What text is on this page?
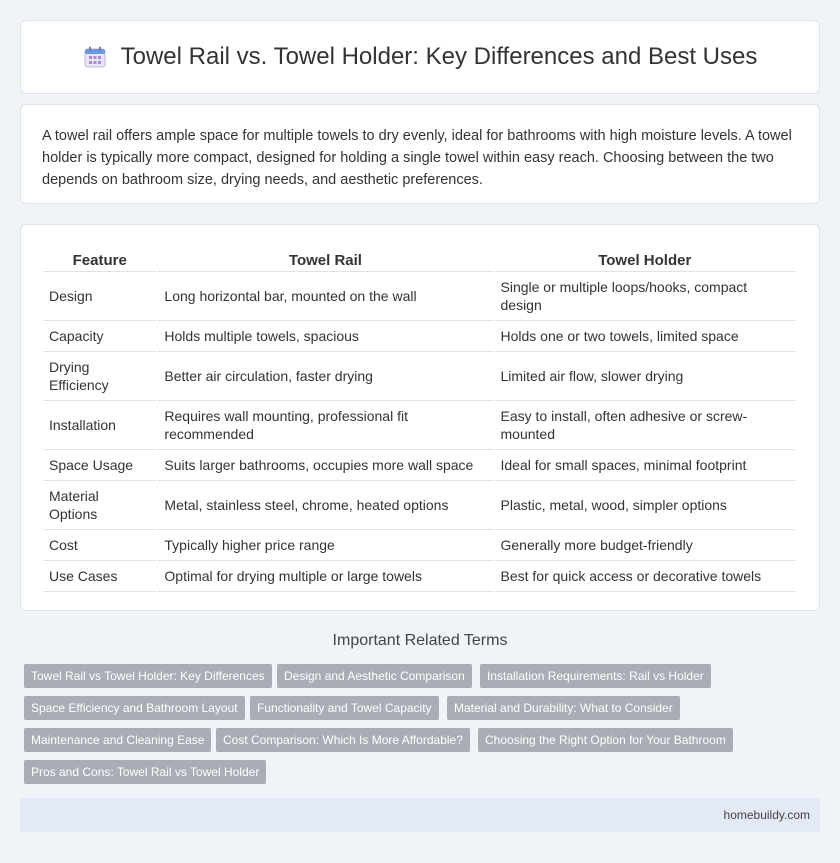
Towel Rail vs. Towel Holder: Key Differences and Best Uses

A towel rail offers ample space for multiple towels to dry evenly, ideal for bathrooms with high moisture levels. A towel holder is typically more compact, designed for holding a single towel within easy reach. Choosing between the two depends on bathroom size, drying needs, and aesthetic preferences.

Feature	Towel Rail	Towel Holder
Design	Long horizontal bar, mounted on the wall	Single or multiple loops/hooks, compact design
Capacity	Holds multiple towels, spacious	Holds one or two towels, limited space
Drying Efficiency	Better air circulation, faster drying	Limited air flow, slower drying
Installation	Requires wall mounting, professional fit recommended	Easy to install, often adhesive or screw-mounted
Space Usage	Suits larger bathrooms, occupies more wall space	Ideal for small spaces, minimal footprint
Material Options	Metal, stainless steel, chrome, heated options	Plastic, metal, wood, simpler options
Cost	Typically higher price range	Generally more budget-friendly
Use Cases	Optimal for drying multiple or large towels	Best for quick access or decorative towels
Important Related Terms
Towel Rail vs Towel Holder: Key Differences	Design and Aesthetic Comparison	Installation Requirements: Rail vs Holder
Space Efficiency and Bathroom Layout	Functionality and Towel Capacity	Material and Durability: What to Consider
Maintenance and Cleaning Ease	Cost Comparison: Which Is More Affordable?	Choosing the Right Option for Your Bathroom
Pros and Cons: Towel Rail vs Towel Holder
homebuildy.com
